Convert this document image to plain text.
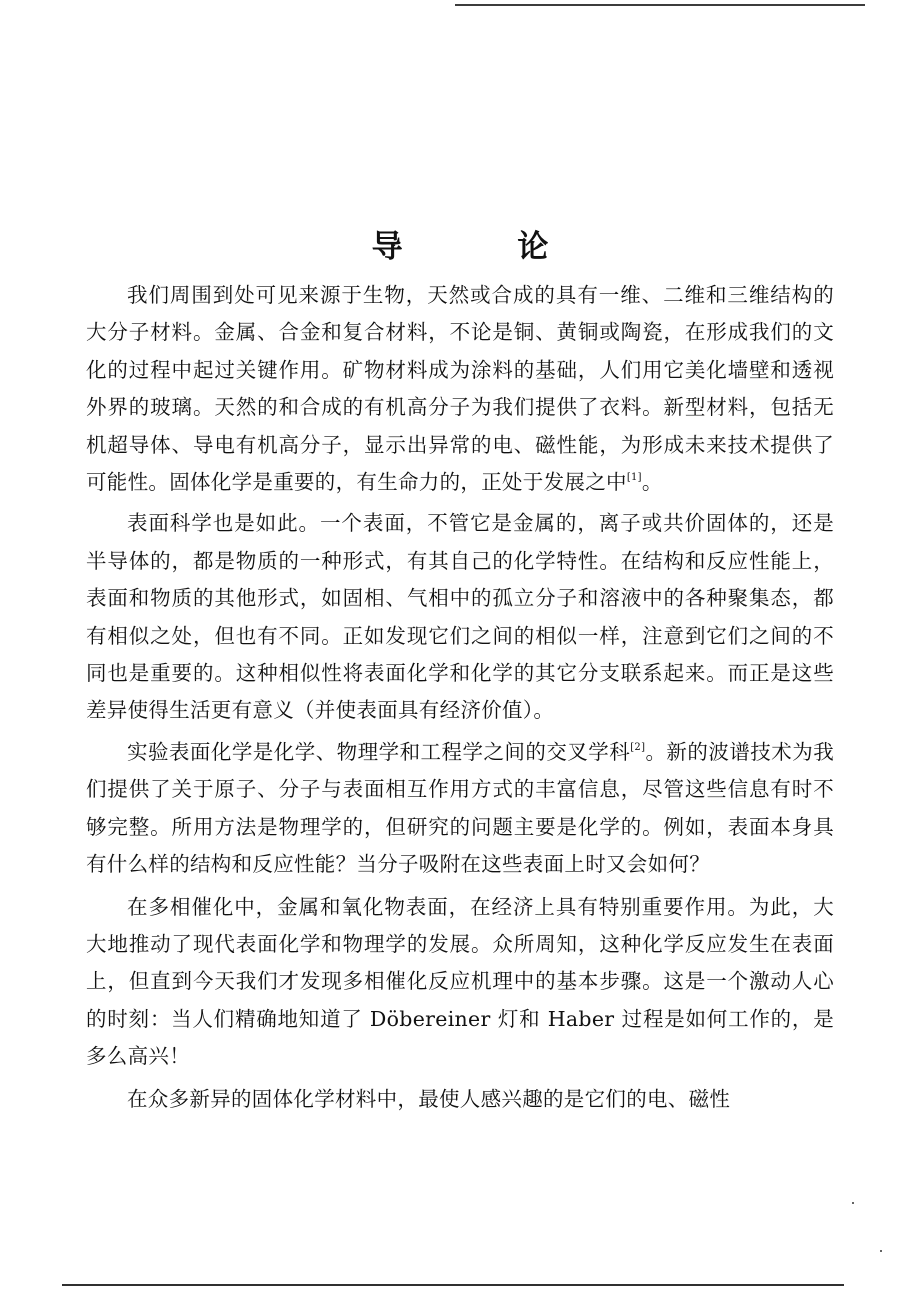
导 论

我们周围到处可见来源于生物，天然或合成的具有一维、二维和三维结构的大分子材料。金属、合金和复合材料，不论是铜、黄铜或陶瓷，在形成我们的文化的过程中起过关键作用。矿物材料成为涂料的基础，人们用它美化墙壁和透视外界的玻璃。天然的和合成的有机高分子为我们提供了衣料。新型材料，包括无机超导体、导电有机高分子，显示出异常的电、磁性能，为形成未来技术提供了可能性。固体化学是重要的，有生命力的，正处于发展之中[1]。

表面科学也是如此。一个表面，不管它是金属的，离子或共价固体的，还是半导体的，都是物质的一种形式，有其自己的化学特性。在结构和反应性能上，表面和物质的其他形式，如固相、气相中的孤立分子和溶液中的各种聚集态，都有相似之处，但也有不同。正如发现它们之间的相似一样，注意到它们之间的不同也是重要的。这种相似性将表面化学和化学的其它分支联系起来。而正是这些差异使得生活更有意义（并使表面具有经济价值）。

实验表面化学是化学、物理学和工程学之间的交叉学科[2]。新的波谱技术为我们提供了关于原子、分子与表面相互作用方式的丰富信息，尽管这些信息有时不够完整。所用方法是物理学的，但研究的问题主要是化学的。例如，表面本身具有什么样的结构和反应性能？当分子吸附在这些表面上时又会如何？

在多相催化中，金属和氧化物表面，在经济上具有特别重要作用。为此，大大地推动了现代表面化学和物理学的发展。众所周知，这种化学反应发生在表面上，但直到今天我们才发现多相催化反应机理中的基本步骤。这是一个激动人心的时刻：当人们精确地知道了 Döbereiner 灯和 Haber 过程是如何工作的，是多么高兴！

在众多新异的固体化学材料中，最使人感兴趣的是它们的电、磁性
